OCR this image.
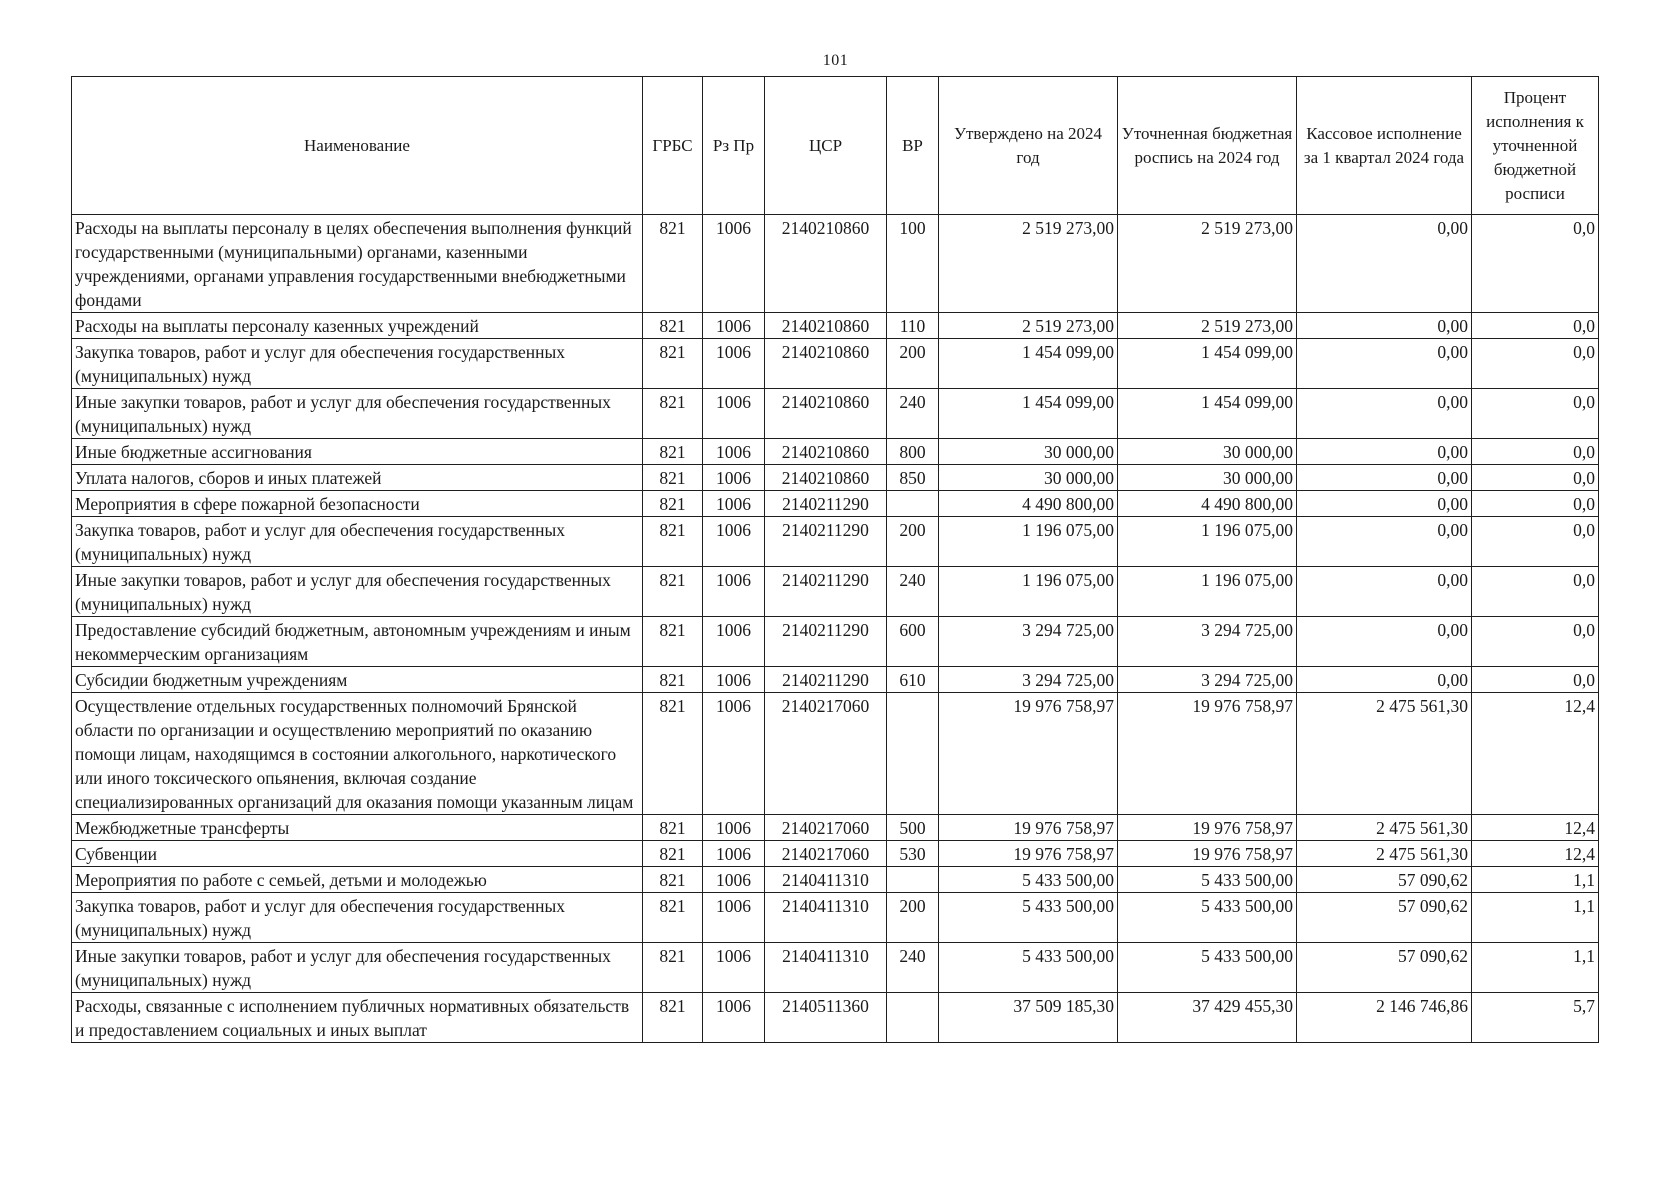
101
Наименование	ГРБС	Рз Пр	ЦСР	ВР	Утверждено на 2024 год	Уточненная бюджетная роспись на 2024 год	Кассовое исполнение за 1 квартал 2024 года	Процент исполнения к уточненной бюджетной росписи
Расходы на выплаты персоналу в целях обеспечения выполнения функций государственными (муниципальными) органами, казенными учреждениями, органами управления государственными внебюджетными фондами	821	1006	2140210860	100	2 519 273,00	2 519 273,00	0,00	0,0
Расходы на выплаты персоналу казенных учреждений	821	1006	2140210860	110	2 519 273,00	2 519 273,00	0,00	0,0
Закупка товаров, работ и услуг для обеспечения государственных (муниципальных) нужд	821	1006	2140210860	200	1 454 099,00	1 454 099,00	0,00	0,0
Иные закупки товаров, работ и услуг для обеспечения государственных (муниципальных) нужд	821	1006	2140210860	240	1 454 099,00	1 454 099,00	0,00	0,0
Иные бюджетные ассигнования	821	1006	2140210860	800	30 000,00	30 000,00	0,00	0,0
Уплата налогов, сборов и иных платежей	821	1006	2140210860	850	30 000,00	30 000,00	0,00	0,0
Мероприятия в сфере пожарной безопасности	821	1006	2140211290		4 490 800,00	4 490 800,00	0,00	0,0
Закупка товаров, работ и услуг для обеспечения государственных (муниципальных) нужд	821	1006	2140211290	200	1 196 075,00	1 196 075,00	0,00	0,0
Иные закупки товаров, работ и услуг для обеспечения государственных (муниципальных) нужд	821	1006	2140211290	240	1 196 075,00	1 196 075,00	0,00	0,0
Предоставление субсидий бюджетным, автономным учреждениям и иным некоммерческим организациям	821	1006	2140211290	600	3 294 725,00	3 294 725,00	0,00	0,0
Субсидии бюджетным учреждениям	821	1006	2140211290	610	3 294 725,00	3 294 725,00	0,00	0,0
Осуществление отдельных государственных полномочий Брянской области по организации и осуществлению мероприятий по оказанию помощи лицам, находящимся в состоянии алкогольного, наркотического или иного токсического опьянения, включая создание специализированных организаций для оказания помощи указанным лицам	821	1006	2140217060		19 976 758,97	19 976 758,97	2 475 561,30	12,4
Межбюджетные трансферты	821	1006	2140217060	500	19 976 758,97	19 976 758,97	2 475 561,30	12,4
Субвенции	821	1006	2140217060	530	19 976 758,97	19 976 758,97	2 475 561,30	12,4
Мероприятия по работе с семьей, детьми и молодежью	821	1006	2140411310		5 433 500,00	5 433 500,00	57 090,62	1,1
Закупка товаров, работ и услуг для обеспечения государственных (муниципальных) нужд	821	1006	2140411310	200	5 433 500,00	5 433 500,00	57 090,62	1,1
Иные закупки товаров, работ и услуг для обеспечения государственных (муниципальных) нужд	821	1006	2140411310	240	5 433 500,00	5 433 500,00	57 090,62	1,1
Расходы, связанные с исполнением публичных нормативных обязательств и предоставлением социальных и иных выплат	821	1006	2140511360		37 509 185,30	37 429 455,30	2 146 746,86	5,7
